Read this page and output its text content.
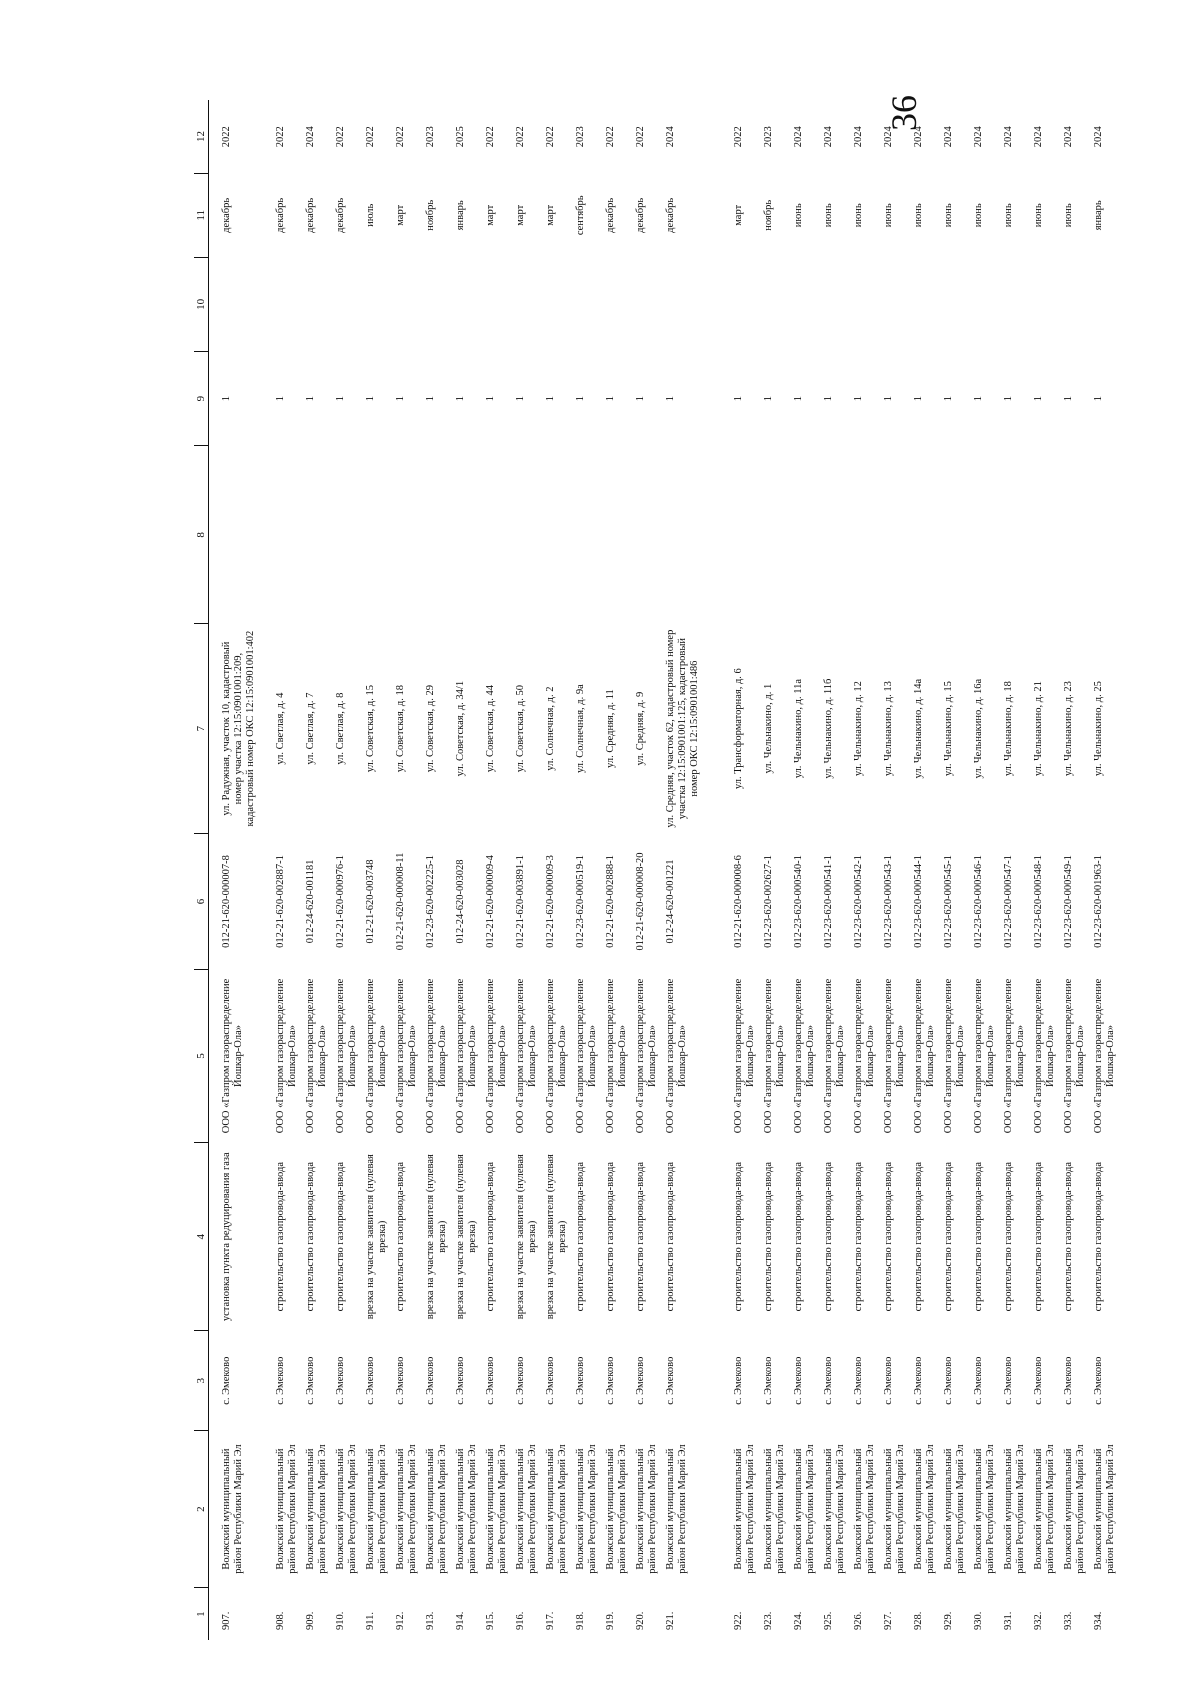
36
1	2	3	4	5	6	7	8	9	10	11	12
907.	Волжский муниципальный район Республики Марий Эл	с. Эмеково	установка пункта редуцирования газа	ООО «Газпром газораспределение Йошкар-Ола»	012-21-620-000007-8	ул. Радужная, участок 10, кадастровый номер участка 12:15:0901001:209, кадастровый номер ОКС 12:15:0901001:402		1		декабрь	2022
908.	Волжский муниципальный район Республики Марий Эл	с. Эмеково	строительство газопровода-ввода	ООО «Газпром газораспределение Йошкар-Ола»	012-21-620-002887-1	ул. Светлая, д. 4		1		декабрь	2022
909.	Волжский муниципальный район Республики Марий Эл	с. Эмеково	строительство газопровода-ввода	ООО «Газпром газораспределение Йошкар-Ола»	012-24-620-001181	ул. Светлая, д. 7		1		декабрь	2024
910.	Волжский муниципальный район Республики Марий Эл	с. Эмеково	строительство газопровода-ввода	ООО «Газпром газораспределение Йошкар-Ола»	012-21-620-000976-1	ул. Светлая, д. 8		1		декабрь	2022
911.	Волжский муниципальный район Республики Марий Эл	с. Эмеково	врезка на участке заявителя (нулевая врезка)	ООО «Газпром газораспределение Йошкар-Ола»	012-21-620-003748	ул. Советская, д. 15		1		июль	2022
912.	Волжский муниципальный район Республики Марий Эл	с. Эмеково	строительство газопровода-ввода	ООО «Газпром газораспределение Йошкар-Ола»	012-21-620-000008-11	ул. Советская, д. 18		1		март	2022
913.	Волжский муниципальный район Республики Марий Эл	с. Эмеково	врезка на участке заявителя (нулевая врезка)	ООО «Газпром газораспределение Йошкар-Ола»	012-23-620-002225-1	ул. Советская, д. 29		1		ноябрь	2023
914.	Волжский муниципальный район Республики Марий Эл	с. Эмеково	врезка на участке заявителя (нулевая врезка)	ООО «Газпром газораспределение Йошкар-Ола»	012-24-620-003028	ул. Советская, д. 34/1		1		январь	2025
915.	Волжский муниципальный район Республики Марий Эл	с. Эмеково	строительство газопровода-ввода	ООО «Газпром газораспределение Йошкар-Ола»	012-21-620-000009-4	ул. Советская, д. 44		1		март	2022
916.	Волжский муниципальный район Республики Марий Эл	с. Эмеково	врезка на участке заявителя (нулевая врезка)	ООО «Газпром газораспределение Йошкар-Ола»	012-21-620-003891-1	ул. Советская, д. 50		1		март	2022
917.	Волжский муниципальный район Республики Марий Эл	с. Эмеково	врезка на участке заявителя (нулевая врезка)	ООО «Газпром газораспределение Йошкар-Ола»	012-21-620-000009-3	ул. Солнечная, д. 2		1		март	2022
918.	Волжский муниципальный район Республики Марий Эл	с. Эмеково	строительство газопровода-ввода	ООО «Газпром газораспределение Йошкар-Ола»	012-23-620-000519-1	ул. Солнечная, д. 9а		1		сентябрь	2023
919.	Волжский муниципальный район Республики Марий Эл	с. Эмеково	строительство газопровода-ввода	ООО «Газпром газораспределение Йошкар-Ола»	012-21-620-002888-1	ул. Средняя, д. 11		1		декабрь	2022
920.	Волжский муниципальный район Республики Марий Эл	с. Эмеково	строительство газопровода-ввода	ООО «Газпром газораспределение Йошкар-Ола»	012-21-620-000008-20	ул. Средняя, д. 9		1		декабрь	2022
921.	Волжский муниципальный район Республики Марий Эл	с. Эмеково	строительство газопровода-ввода	ООО «Газпром газораспределение Йошкар-Ола»	012-24-620-001221	ул. Средняя, участок 62, кадастровый номер участка 12:15:0901001:125, кадастровый номер ОКС 12:15:0901001:486		1		декабрь	2024
922.	Волжский муниципальный район Республики Марий Эл	с. Эмеково	строительство газопровода-ввода	ООО «Газпром газораспределение Йошкар-Ола»	012-21-620-000008-6	ул. Трансформаторная, д. 6		1		март	2022
923.	Волжский муниципальный район Республики Марий Эл	с. Эмеково	строительство газопровода-ввода	ООО «Газпром газораспределение Йошкар-Ола»	012-23-620-002627-1	ул. Чельнакино, д. 1		1		ноябрь	2023
924.	Волжский муниципальный район Республики Марий Эл	с. Эмеково	строительство газопровода-ввода	ООО «Газпром газораспределение Йошкар-Ола»	012-23-620-000540-1	ул. Чельнакино, д. 11а		1		июнь	2024
925.	Волжский муниципальный район Республики Марий Эл	с. Эмеково	строительство газопровода-ввода	ООО «Газпром газораспределение Йошкар-Ола»	012-23-620-000541-1	ул. Чельнакино, д. 11б		1		июнь	2024
926.	Волжский муниципальный район Республики Марий Эл	с. Эмеково	строительство газопровода-ввода	ООО «Газпром газораспределение Йошкар-Ола»	012-23-620-000542-1	ул. Чельнакино, д. 12		1		июнь	2024
927.	Волжский муниципальный район Республики Марий Эл	с. Эмеково	строительство газопровода-ввода	ООО «Газпром газораспределение Йошкар-Ола»	012-23-620-000543-1	ул. Чельнакино, д. 13		1		июнь	2024
928.	Волжский муниципальный район Республики Марий Эл	с. Эмеково	строительство газопровода-ввода	ООО «Газпром газораспределение Йошкар-Ола»	012-23-620-000544-1	ул. Чельнакино, д. 14а		1		июнь	2024
929.	Волжский муниципальный район Республики Марий Эл	с. Эмеково	строительство газопровода-ввода	ООО «Газпром газораспределение Йошкар-Ола»	012-23-620-000545-1	ул. Чельнакино, д. 15		1		июнь	2024
930.	Волжский муниципальный район Республики Марий Эл	с. Эмеково	строительство газопровода-ввода	ООО «Газпром газораспределение Йошкар-Ола»	012-23-620-000546-1	ул. Чельнакино, д. 16а		1		июнь	2024
931.	Волжский муниципальный район Республики Марий Эл	с. Эмеково	строительство газопровода-ввода	ООО «Газпром газораспределение Йошкар-Ола»	012-23-620-000547-1	ул. Чельнакино, д. 18		1		июнь	2024
932.	Волжский муниципальный район Республики Марий Эл	с. Эмеково	строительство газопровода-ввода	ООО «Газпром газораспределение Йошкар-Ола»	012-23-620-000548-1	ул. Чельнакино, д. 21		1		июнь	2024
933.	Волжский муниципальный район Республики Марий Эл	с. Эмеково	строительство газопровода-ввода	ООО «Газпром газораспределение Йошкар-Ола»	012-23-620-000549-1	ул. Чельнакино, д. 23		1		июнь	2024
934.	Волжский муниципальный район Республики Марий Эл	с. Эмеково	строительство газопровода-ввода	ООО «Газпром газораспределение Йошкар-Ола»	012-23-620-001963-1	ул. Чельнакино, д. 25		1		январь	2024
